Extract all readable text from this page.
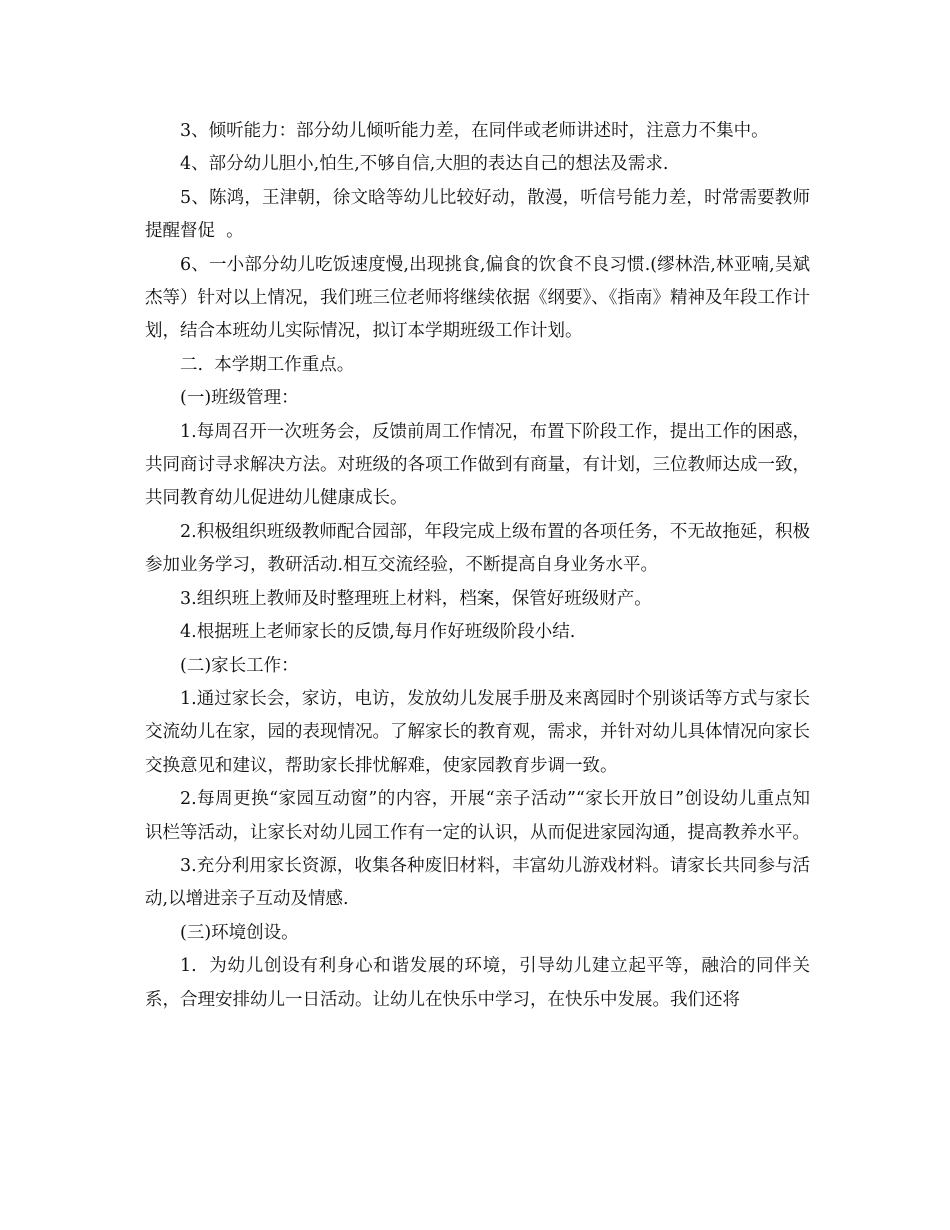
3、倾听能力：部分幼儿倾听能力差，在同伴或老师讲述时，注意力不集中。

4、部分幼儿胆小,怕生,不够自信,大胆的表达自己的想法及需求.

5、陈鸿，王津朝，徐文晗等幼儿比较好动，散漫，听信号能力差，时常需要教师提醒督促  。

6、一小部分幼儿吃饭速度慢,出现挑食,偏食的饮食不良习惯.(缪林浩,林亚喃,吴斌杰等）针对以上情况，我们班三位老师将继续依据《纲要》、《指南》精神及年段工作计划，结合本班幼儿实际情况，拟订本学期班级工作计划。

二.  本学期工作重点。

(一)班级管理：

1.每周召开一次班务会，反馈前周工作情况，布置下阶段工作，提出工作的困惑，共同商讨寻求解决方法。对班级的各项工作做到有商量，有计划，三位教师达成一致，共同教育幼儿促进幼儿健康成长。

2.积极组织班级教师配合园部，年段完成上级布置的各项任务，不无故拖延，积极参加业务学习，教研活动.相互交流经验，不断提高自身业务水平。

3.组织班上教师及时整理班上材料，档案，保管好班级财产。

4.根据班上老师家长的反馈,每月作好班级阶段小结.

(二)家长工作：

1.通过家长会，家访，电访，发放幼儿发展手册及来离园时个别谈话等方式与家长交流幼儿在家，园的表现情况。了解家长的教育观，需求，并针对幼儿具体情况向家长交换意见和建议，帮助家长排忧解难，使家园教育步调一致。

2.每周更换“家园互动窗”的内容，开展“亲子活动”“家长开放日”创设幼儿重点知识栏等活动，让家长对幼儿园工作有一定的认识，从而促进家园沟通，提高教养水平。

3.充分利用家长资源，收集各种废旧材料，丰富幼儿游戏材料。请家长共同参与活动,以增进亲子互动及情感.

(三)环境创设。

1.  为幼儿创设有利身心和谐发展的环境，引导幼儿建立起平等，融洽的同伴关系，合理安排幼儿一日活动。让幼儿在快乐中学习，在快乐中发展。我们还将
